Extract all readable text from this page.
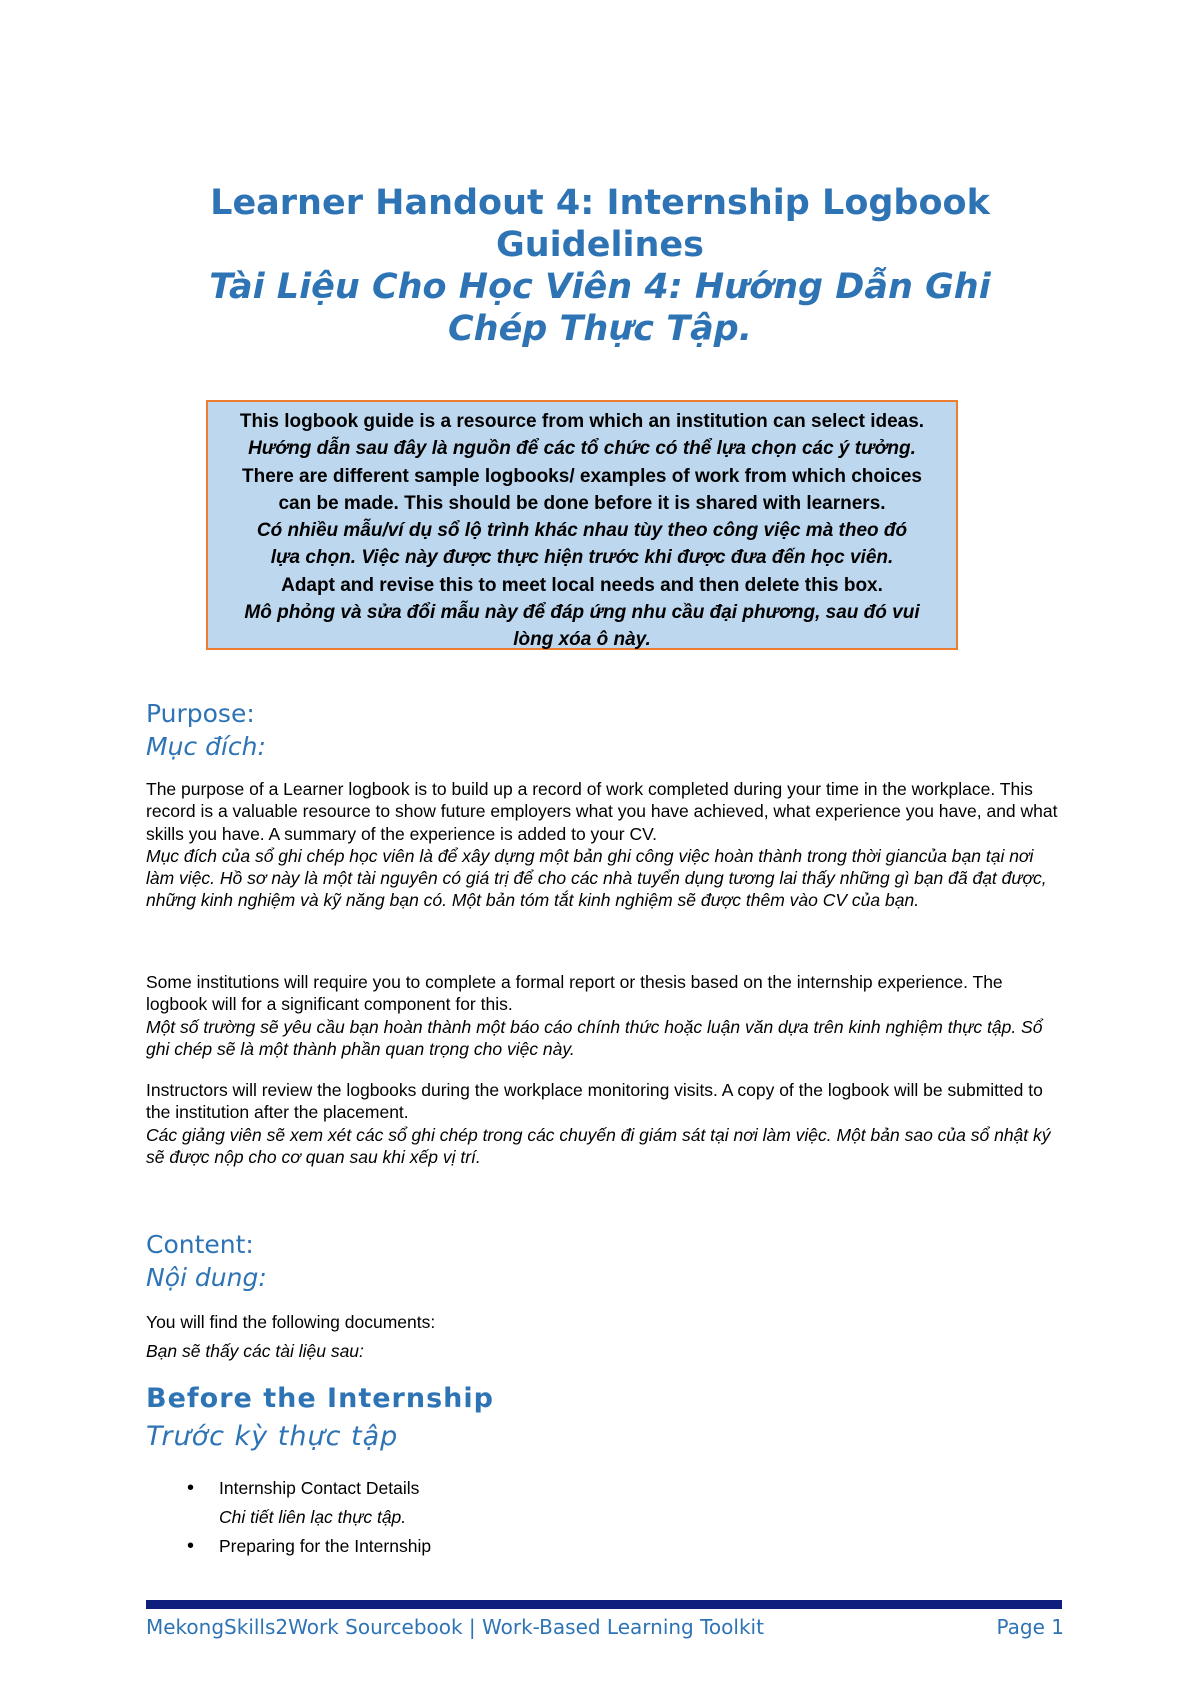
Learner Handout 4: Internship Logbook
Guidelines
Tài Liệu Cho Học Viên 4: Hướng Dẫn Ghi
Chép Thực Tập.
This logbook guide is a resource from which an institution can select ideas.
Hướng dẫn sau đây là nguồn để các tổ chức có thể lựa chọn các ý tưởng.
There are different sample logbooks/ examples of work from which choices
can be made. This should be done before it is shared with learners.
Có nhiều mẫu/ví dụ sổ lộ trình khác nhau tùy theo công việc mà theo đó
lựa chọn. Việc này được thực hiện trước khi được đưa đến học viên.
Adapt and revise this to meet local needs and then delete this box.
Mô phỏng và sửa đổi mẫu này để đáp ứng nhu cầu đại phương, sau đó vui
lòng xóa ô này.
Purpose:
Mục đích:

The purpose of a Learner logbook is to build up a record of work completed during your time in the workplace. This record is a valuable resource to show future employers what you have achieved, what experience you have, and what skills you have. A summary of the experience is added to your CV.

Mục đích của sổ ghi chép học viên là để xây dựng một bản ghi công việc hoàn thành trong thời giancủa bạn tại nơi làm việc. Hồ sơ này là một tài nguyên có giá trị để cho các nhà tuyển dụng tương lai thấy những gì bạn đã đạt được, những kinh nghiệm và kỹ năng bạn có. Một bản tóm tắt kinh nghiệm sẽ được thêm vào CV của bạn.

Some institutions will require you to complete a formal report or thesis based on the internship experience. The logbook will for a significant component for this.

Một số trường sẽ yêu cầu bạn hoàn thành một báo cáo chính thức hoặc luận văn dựa trên kinh nghiệm thực tập. Sổ ghi chép sẽ là một thành phần quan trọng cho việc này.

Instructors will review the logbooks during the workplace monitoring visits. A copy of the logbook will be submitted to the institution after the placement.

Các giảng viên sẽ xem xét các sổ ghi chép trong các chuyến đi giám sát tại nơi làm việc. Một bản sao của sổ nhật ký sẽ được nộp cho cơ quan sau khi xếp vị trí.

Content:
Nội dung:

You will find the following documents:

Bạn sẽ thấy các tài liệu sau:

Before the Internship
Trước kỳ thực tập
• Internship Contact Details
Chi tiết liên lạc thực tập.
• Preparing for the Internship
MekongSkills2Work Sourcebook | Work-Based Learning Toolkit	Page 1
